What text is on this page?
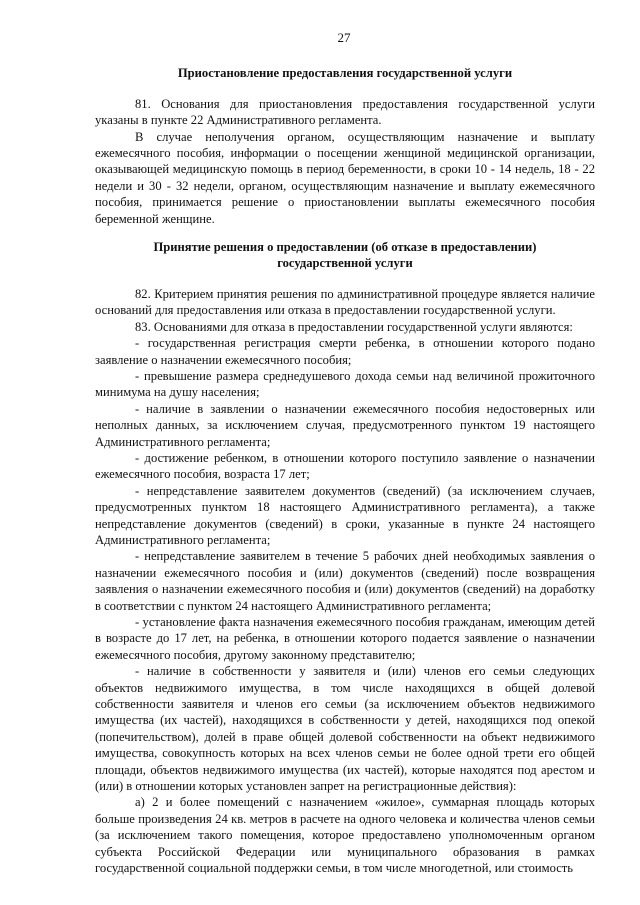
27
Приостановление предоставления государственной услуги

81. Основания для приостановления предоставления государственной услуги указаны в пункте 22 Административного регламента.

В случае неполучения органом, осуществляющим назначение и выплату ежемесячного пособия, информации о посещении женщиной медицинской организации, оказывающей медицинскую помощь в период беременности, в сроки 10 - 14 недель, 18 - 22 недели и 30 - 32 недели, органом, осуществляющим назначение и выплату ежемесячного пособия, принимается решение о приостановлении выплаты ежемесячного пособия беременной женщине.

Принятие решения о предоставлении (об отказе в предоставлении) государственной услуги

82. Критерием принятия решения по административной процедуре является наличие оснований для предоставления или отказа в предоставлении государственной услуги.

83. Основаниями для отказа в предоставлении государственной услуги являются:

- государственная регистрация смерти ребенка, в отношении которого подано заявление о назначении ежемесячного пособия;

- превышение размера среднедушевого дохода семьи над величиной прожиточного минимума на душу населения;

- наличие в заявлении о назначении ежемесячного пособия недостоверных или неполных данных, за исключением случая, предусмотренного пунктом 19 настоящего Административного регламента;

- достижение ребенком, в отношении которого поступило заявление о назначении ежемесячного пособия, возраста 17 лет;

- непредставление заявителем документов (сведений) (за исключением случаев, предусмотренных пунктом 18 настоящего Административного регламента), а также непредставление документов (сведений) в сроки, указанные в пункте 24 настоящего Административного регламента;

- непредставление заявителем в течение 5 рабочих дней необходимых заявления о назначении ежемесячного пособия и (или) документов (сведений) после возвращения заявления о назначении ежемесячного пособия и (или) документов (сведений) на доработку в соответствии с пунктом 24 настоящего Административного регламента;

- установление факта назначения ежемесячного пособия гражданам, имеющим детей в возрасте до 17 лет, на ребенка, в отношении которого подается заявление о назначении ежемесячного пособия, другому законному представителю;

- наличие в собственности у заявителя и (или) членов его семьи следующих объектов недвижимого имущества, в том числе находящихся в общей долевой собственности заявителя и членов его семьи (за исключением объектов недвижимого имущества (их частей), находящихся в собственности у детей, находящихся под опекой (попечительством), долей в праве общей долевой собственности на объект недвижимого имущества, совокупность которых на всех членов семьи не более одной трети его общей площади, объектов недвижимого имущества (их частей), которые находятся под арестом и (или) в отношении которых установлен запрет на регистрационные действия):

а) 2 и более помещений с назначением «жилое», суммарная площадь которых больше произведения 24 кв. метров в расчете на одного человека и количества членов семьи (за исключением такого помещения, которое предоставлено уполномоченным органом субъекта Российской Федерации или муниципального образования в рамках государственной социальной поддержки семьи, в том числе многодетной, или стоимость
